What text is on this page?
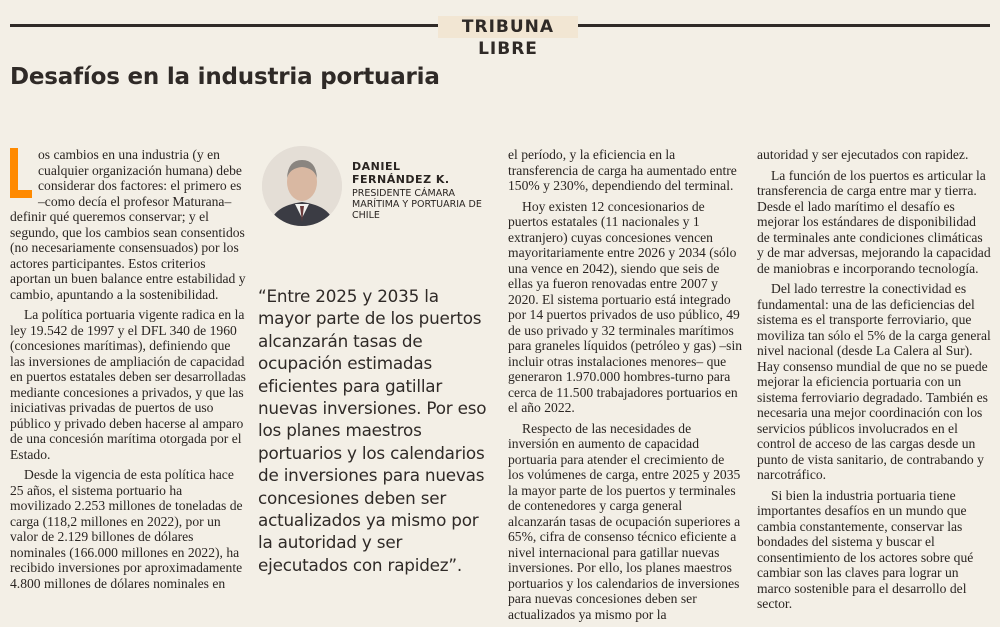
TRIBUNA LIBRE
Desafíos en la industria portuaria

os cambios en una industria (y en cualquier organización humana) debe considerar dos factores: el primero es –como decía el profesor Maturana– definir qué queremos conservar; y el segundo, que los cambios sean consentidos (no necesariamente consensuados) por los actores participantes. Estos criterios aportan un buen balance entre estabilidad y cambio, apuntando a la sostenibilidad.

La política portuaria vigente radica en la ley 19.542 de 1997 y el DFL 340 de 1960 (concesiones marítimas), definiendo que las inversiones de ampliación de capacidad en puertos estatales deben ser desarrolladas mediante concesiones a privados, y que las iniciativas privadas de puertos de uso público y privado deben hacerse al amparo de una concesión marítima otorgada por el Estado.

Desde la vigencia de esta política hace 25 años, el sistema portuario ha movilizado 2.253 millones de toneladas de carga (118,2 millones en 2022), por un valor de 2.129 billones de dólares nominales (166.000 millones en 2022), ha recibido inversiones por aproximadamente 4.800 millones de dólares nominales en

DANIEL
FERNÁNDEZ K.
PRESIDENTE CÁMARA MARÍTIMA Y PORTUARIA DE CHILE
“Entre 2025 y 2035 la mayor parte de los puertos alcanzarán tasas de ocupación estimadas eficientes para gatillar nuevas inversiones. Por eso los planes maestros portuarios y los calendarios de inversiones para nuevas concesiones deben ser actualizados ya mismo por la autoridad y ser ejecutados con rapidez”.

el período, y la eficiencia en la transferencia de carga ha aumentado entre 150% y 230%, dependiendo del terminal.

Hoy existen 12 concesionarios de puertos estatales (11 nacionales y 1 extranjero) cuyas concesiones vencen mayoritariamente entre 2026 y 2034 (sólo una vence en 2042), siendo que seis de ellas ya fueron renovadas entre 2007 y 2020. El sistema portuario está integrado por 14 puertos privados de uso público, 49 de uso privado y 32 terminales marítimos para graneles líquidos (petróleo y gas) –sin incluir otras instalaciones menores– que generaron 1.970.000 hombres-turno para cerca de 11.500 trabajadores portuarios en el año 2022.

Respecto de las necesidades de inversión en aumento de capacidad portuaria para atender el crecimiento de los volúmenes de carga, entre 2025 y 2035 la mayor parte de los puertos y terminales de contenedores y carga general alcanzarán tasas de ocupación superiores a 65%, cifra de consenso técnico eficiente a nivel internacional para gatillar nuevas inversiones. Por ello, los planes maestros portuarios y los calendarios de inversiones para nuevas concesiones deben ser actualizados ya mismo por la

autoridad y ser ejecutados con rapidez.

La función de los puertos es articular la transferencia de carga entre mar y tierra. Desde el lado marítimo el desafío es mejorar los estándares de disponibilidad de terminales ante condiciones climáticas y de mar adversas, mejorando la capacidad de maniobras e incorporando tecnología.

Del lado terrestre la conectividad es fundamental: una de las deficiencias del sistema es el transporte ferroviario, que moviliza tan sólo el 5% de la carga general nivel nacional (desde La Calera al Sur). Hay consenso mundial de que no se puede mejorar la eficiencia portuaria con un sistema ferroviario degradado. También es necesaria una mejor coordinación con los servicios públicos involucrados en el control de acceso de las cargas desde un punto de vista sanitario, de contrabando y narcotráfico.

Si bien la industria portuaria tiene importantes desafíos en un mundo que cambia constantemente, conservar las bondades del sistema y buscar el consentimiento de los actores sobre qué cambiar son las claves para lograr un marco sostenible para el desarrollo del sector.
